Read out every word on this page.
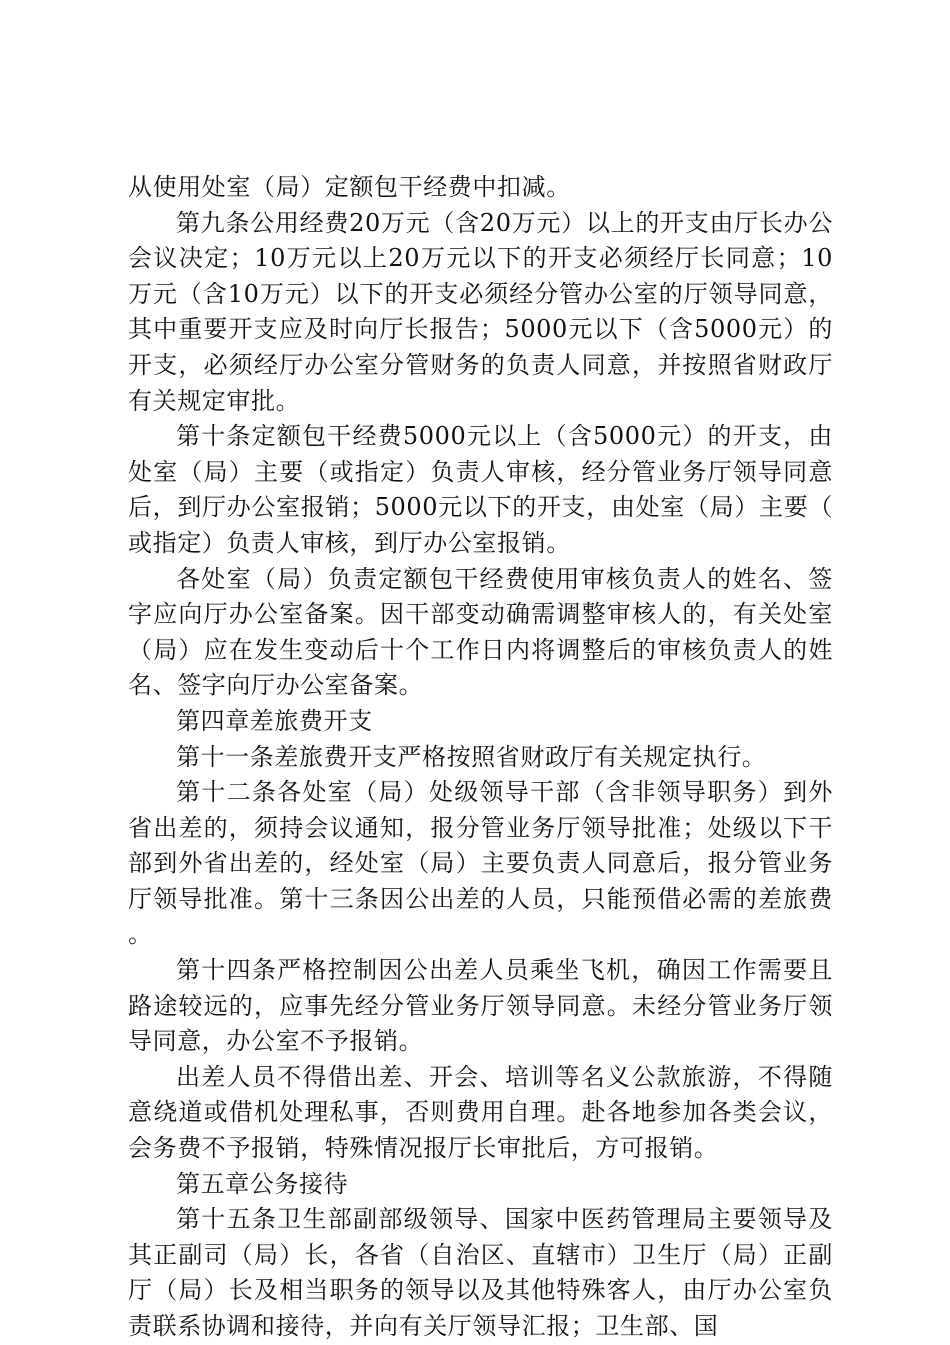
从使用处室（局）定额包干经费中扣减。

第九条公用经费20万元（含20万元）以上的开支由厅长办公会议决定；10万元以上20万元以下的开支必须经厅长同意；10万元（含10万元）以下的开支必须经分管办公室的厅领导同意，其中重要开支应及时向厅长报告；5000元以下（含5000元）的开支，必须经厅办公室分管财务的负责人同意，并按照省财政厅有关规定审批。

第十条定额包干经费5000元以上（含5000元）的开支，由处室（局）主要（或指定）负责人审核，经分管业务厅领导同意后，到厅办公室报销；5000元以下的开支，由处室（局）主要（或指定）负责人审核，到厅办公室报销。

各处室（局）负责定额包干经费使用审核负责人的姓名、签字应向厅办公室备案。因干部变动确需调整审核人的，有关处室（局）应在发生变动后十个工作日内将调整后的审核负责人的姓名、签字向厅办公室备案。

第四章差旅费开支

第十一条差旅费开支严格按照省财政厅有关规定执行。

第十二条各处室（局）处级领导干部（含非领导职务）到外省出差的，须持会议通知，报分管业务厅领导批准；处级以下干部到外省出差的，经处室（局）主要负责人同意后，报分管业务厅领导批准。第十三条因公出差的人员，只能预借必需的差旅费。

第十四条严格控制因公出差人员乘坐飞机，确因工作需要且路途较远的，应事先经分管业务厅领导同意。未经分管业务厅领导同意，办公室不予报销。

出差人员不得借出差、开会、培训等名义公款旅游，不得随意绕道或借机处理私事，否则费用自理。赴各地参加各类会议，会务费不予报销，特殊情况报厅长审批后，方可报销。

第五章公务接待

第十五条卫生部副部级领导、国家中医药管理局主要领导及其正副司（局）长，各省（自治区、直辖市）卫生厅（局）正副厅（局）长及相当职务的领导以及其他特殊客人，由厅办公室负责联系协调和接待，并向有关厅领导汇报；卫生部、国
